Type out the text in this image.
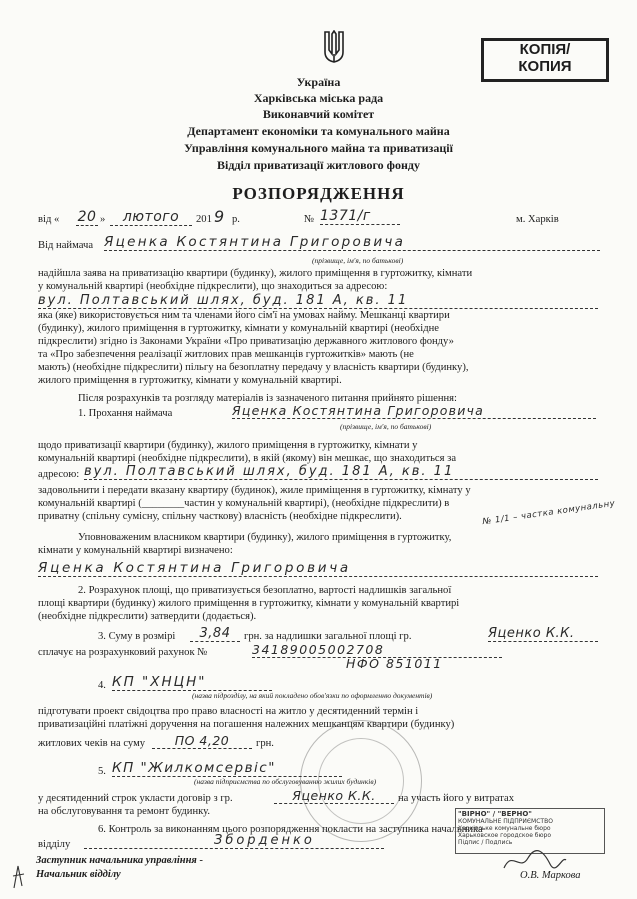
КОПІЯ/
КОПИЯ
Україна
Харківська міська рада
Виконавчий комітет
Департамент економіки та комунального майна
Управління комунального майна та приватизації
Відділ приватизації житлового фонду
РОЗПОРЯДЖЕННЯ
від « 20 »	лютого	201 9 р.	№ 1371/г	м. Харків
Від наймача Яценка Костянтина Григоровича
(прізвище, ім'я, по батькові)
надійшла заява на приватизацію квартири (будинку), жилого приміщення в гуртожитку, кімнати
у комунальній квартирі (необхідне підкреслити), що знаходиться за адресою:
вул. Полтавський шлях, буд. 181 А, кв. 11
яка (яке) використовується ним та членами його сім'ї на умовах найму. Мешканці квартири
(будинку), жилого приміщення в гуртожитку, кімнати у комунальній квартирі (необхідне
підкреслити) згідно із Законами України «Про приватизацію державного житлового фонду»
та «Про забезпечення реалізації житлових прав мешканців гуртожитків» мають (не
мають) (необхідне підкреслити) пільгу на безоплатну передачу у власність квартири (будинку),
жилого приміщення в гуртожитку, кімнати у комунальній квартирі.
Після розрахунків та розгляду матеріалів із зазначеного питання прийнято рішення:
1. Прохання наймача	Яценка Костянтина Григоровича
(прізвище, ім'я, по батькові)
щодо приватизації квартири (будинку), жилого приміщення в гуртожитку, кімнати у
комунальній квартирі (необхідне підкреслити), в якій (якому) він мешкає, що знаходиться за
адресою: вул. Полтавський шлях, буд. 181 А, кв. 11
задовольнити і передати вказану квартиру (будинок), жиле приміщення в гуртожитку, кімнату у
комунальній квартирі (________частин у комунальній квартирі), (необхідне підкреслити) в
приватну (спільну сумісну, спільну часткову) власність (необхідне підкреслити).	№ 1/1 – частка комунальну
Уповноваженим власником квартири (будинку), жилого приміщення в гуртожитку,
кімнати у комунальній квартирі визначено:
Яценка Костянтина Григоровича
2. Розрахунок площі, що приватизується безоплатно, вартості надлишків загальної
площі квартири (будинку) жилого приміщення в гуртожитку, кімнати у комунальній квартирі
(необхідне підкреслити) затвердити (додається).
3. Суму в розмірі	3,84	грн. за надлишки загальної площі гр.	Яценко К.К.
сплачує на розрахунковий рахунок №	34189005002708
НФО 851011
4. КП "ХНЦН"
(назва підрозділу, на який покладено обов'язки по оформленню документів)
підготувати проект свідоцтва про право власності на житло у десятиденний термін і
приватизаційні платіжні доручення на погашення належних мешканцям квартири (будинку)
житлових чеків на суму	ПО 4,20	грн.
5. КП "Жилкомсервіс"
(назва підприємства по обслуговуванню жилих будинків)
у десятиденний строк укласти договір з гр.	Яценко К.К.	на участь його у витратах
на обслуговування та ремонт будинку.
6. Контроль за виконанням цього розпорядження покласти на заступника начальника
відділу	Зборденко
"ВІРНО" / "ВЕРНО"
КОМУНАЛЬНЕ ПІДПРИЄМСТВО
Харківське комунальне бюро
Харьковское городское бюро
Підпис / Подпись
Заступник начальника управління -
Начальник відділу	О.В. Маркова
